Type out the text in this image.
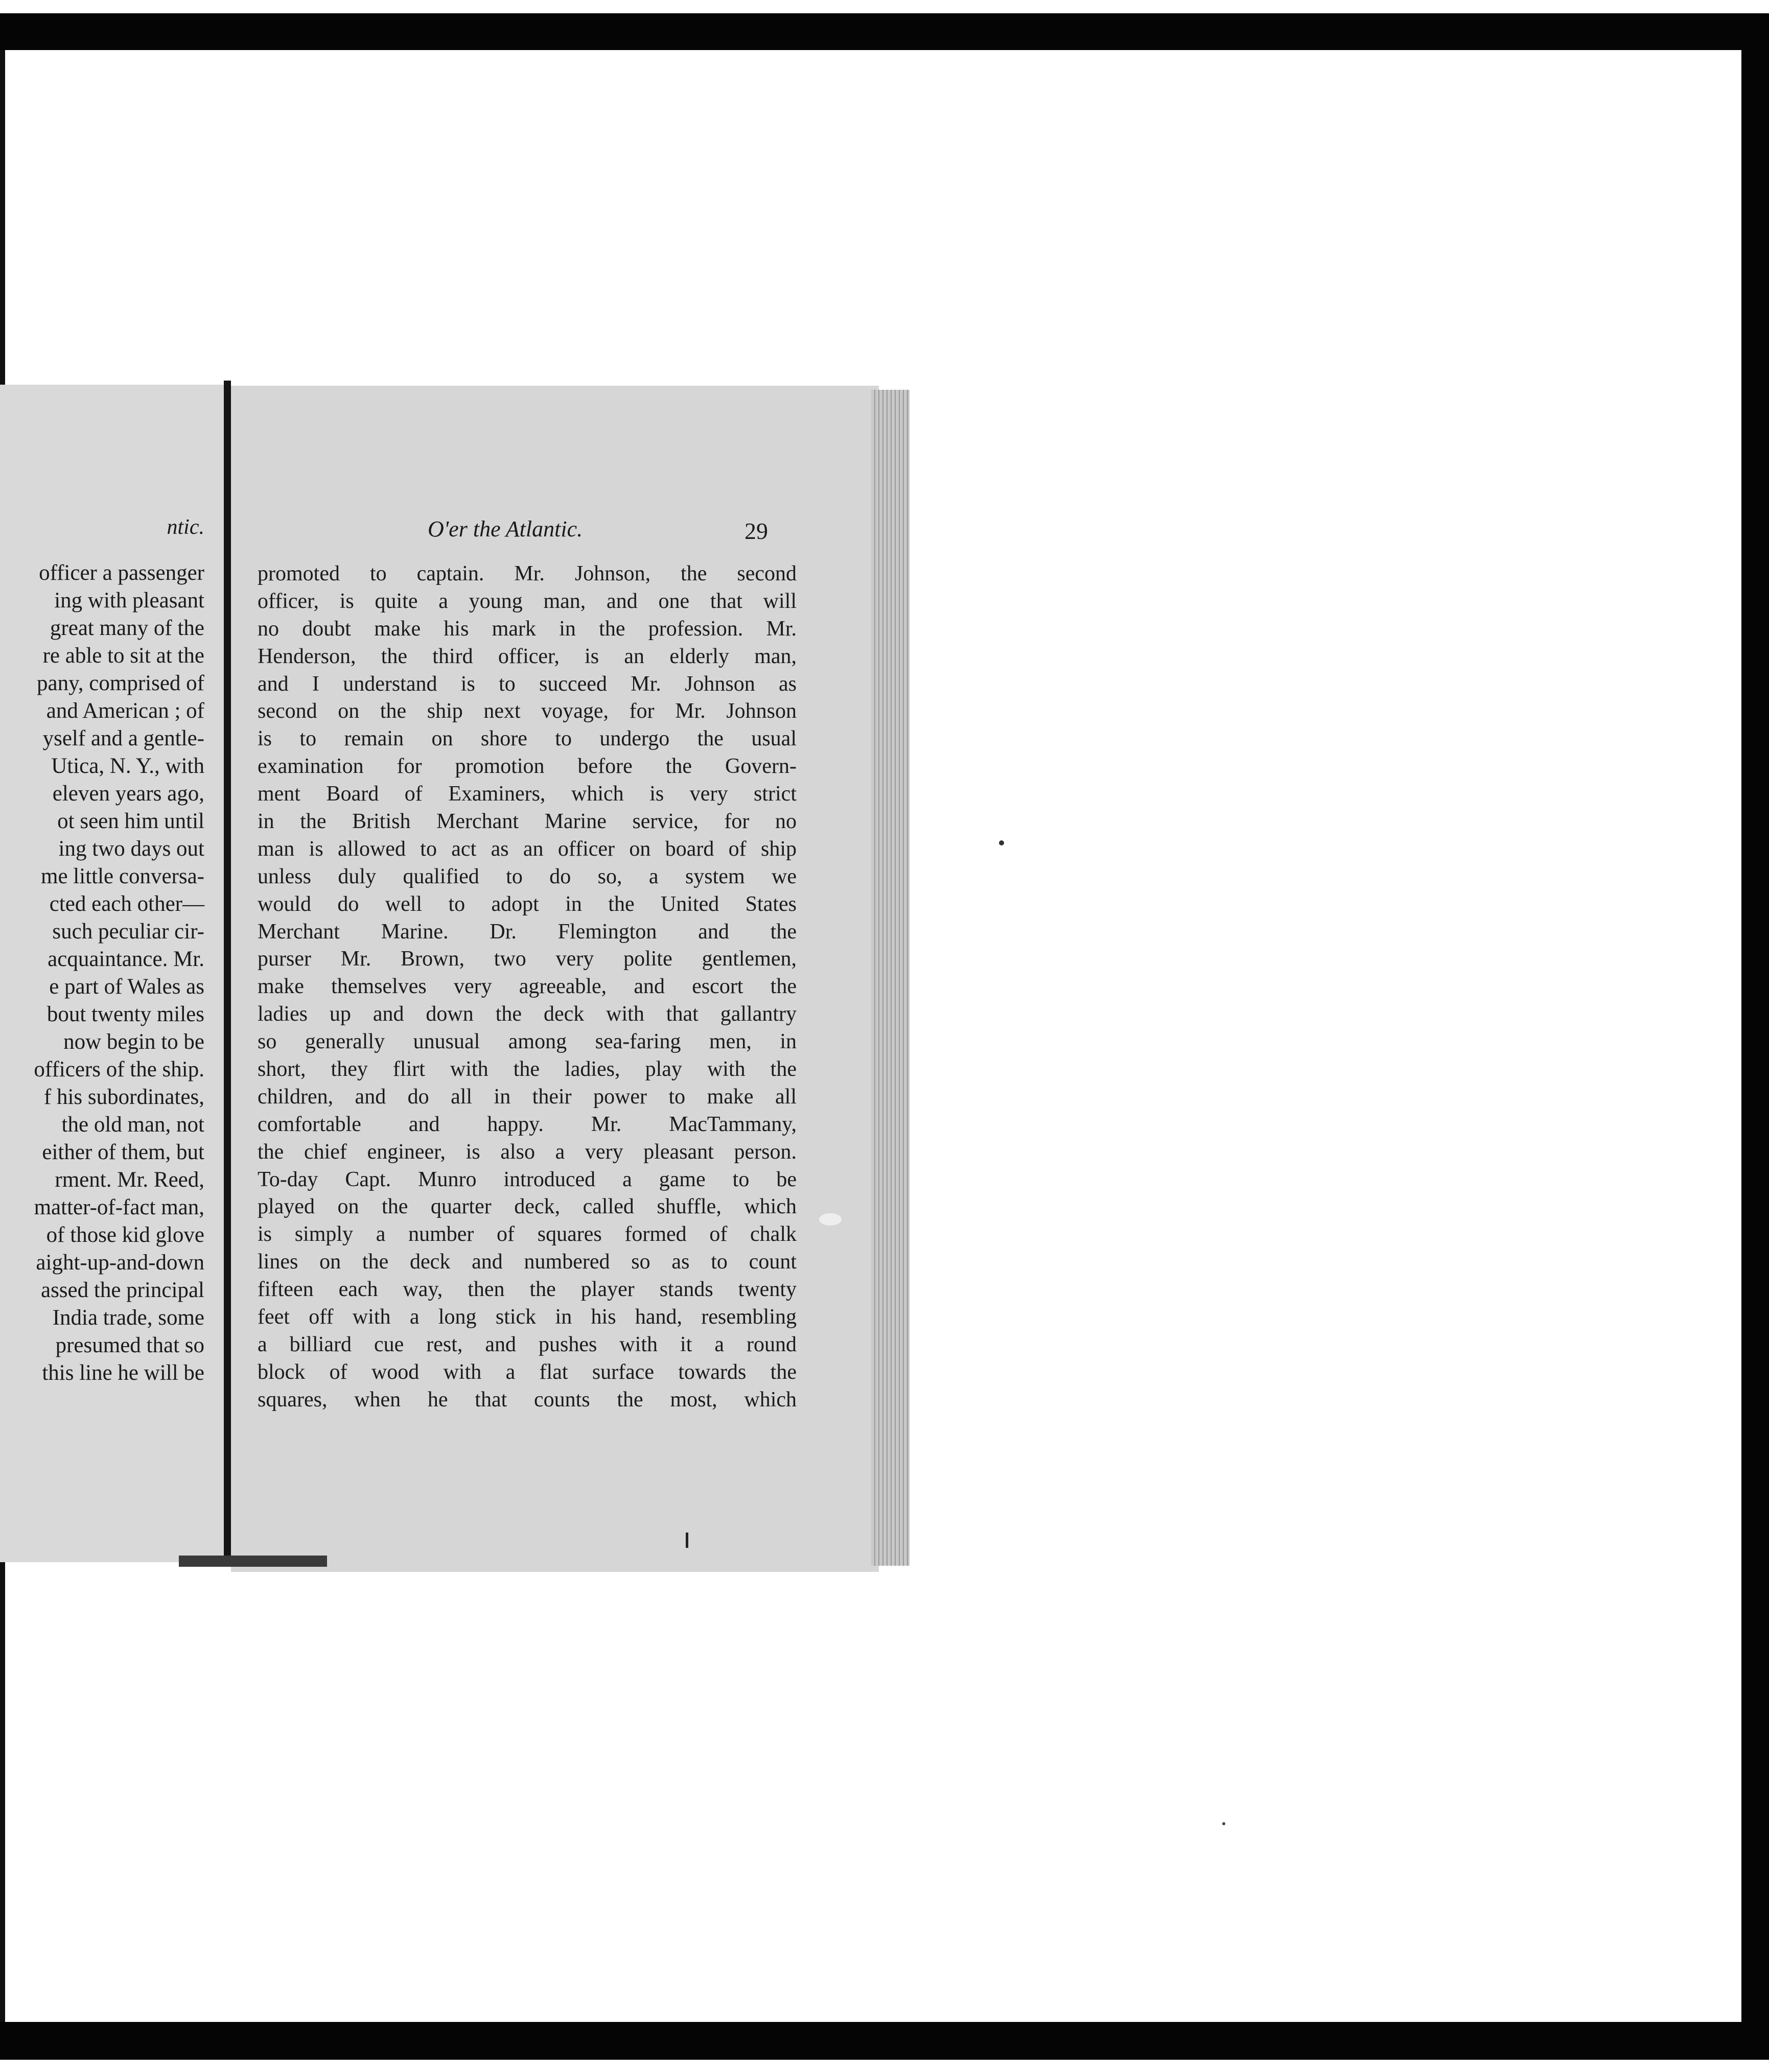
ntic.

officer a passenger
ing with pleasant
great many of the
re able to sit at the
pany, comprised of
and American ; of
yself and a gentle-
Utica, N. Y., with
eleven years ago,
ot seen him until
ing two days out
me little conversa-
cted each other—
such peculiar cir-
acquaintance. Mr.
e part of Wales as
bout twenty miles
now begin to be
officers of the ship.
f his subordinates,
the old man, not
either of them, but
rment. Mr. Reed,
matter-of-fact man,
of those kid glove
aight-up-and-down
assed the principal
India trade, some
presumed that so
this line he will be

O'er the Atlantic.	29

promoted to captain. Mr. Johnson, the second
officer, is quite a young man, and one that will
no doubt make his mark in the profession. Mr.
Henderson, the third officer, is an elderly man,
and I understand is to succeed Mr. Johnson as
second on the ship next voyage, for Mr. Johnson
is to remain on shore to undergo the usual
examination for promotion before the Govern-
ment Board of Examiners, which is very strict
in the British Merchant Marine service, for no
man is allowed to act as an officer on board of ship
unless duly qualified to do so, a system we
would do well to adopt in the United States
Merchant Marine. Dr. Flemington and the
purser Mr. Brown, two very polite gentlemen,
make themselves very agreeable, and escort the
ladies up and down the deck with that gallantry
so generally unusual among sea-faring men, in
short, they flirt with the ladies, play with the
children, and do all in their power to make all
comfortable and happy. Mr. MacTammany,
the chief engineer, is also a very pleasant person.
To-day Capt. Munro introduced a game to be
played on the quarter deck, called shuffle, which
is simply a number of squares formed of chalk
lines on the deck and numbered so as to count
fifteen each way, then the player stands twenty
feet off with a long stick in his hand, resembling
a billiard cue rest, and pushes with it a round
block of wood with a flat surface towards the
squares, when he that counts the most, which
